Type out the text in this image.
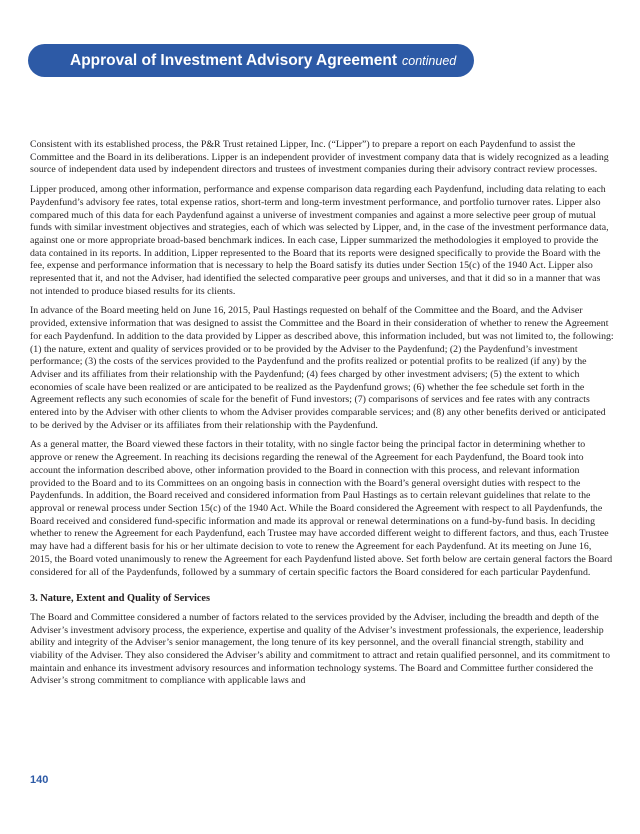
Approval of Investment Advisory Agreement continued

Consistent with its established process, the P&R Trust retained Lipper, Inc. (“Lipper”) to prepare a report on each Paydenfund to assist the Committee and the Board in its deliberations. Lipper is an independent provider of investment company data that is widely recognized as a leading source of independent data used by independent directors and trustees of investment companies during their advisory contract review processes.

Lipper produced, among other information, performance and expense comparison data regarding each Paydenfund, including data relating to each Paydenfund’s advisory fee rates, total expense ratios, short-term and long-term investment performance, and portfolio turnover rates. Lipper also compared much of this data for each Paydenfund against a universe of investment companies and against a more selective peer group of mutual funds with similar investment objectives and strategies, each of which was selected by Lipper, and, in the case of the investment performance data, against one or more appropriate broad-based benchmark indices. In each case, Lipper summarized the methodologies it employed to provide the data contained in its reports. In addition, Lipper represented to the Board that its reports were designed specifically to provide the Board with the fee, expense and performance information that is necessary to help the Board satisfy its duties under Section 15(c) of the 1940 Act. Lipper also represented that it, and not the Adviser, had identified the selected comparative peer groups and universes, and that it did so in a manner that was not intended to produce biased results for its clients.

In advance of the Board meeting held on June 16, 2015, Paul Hastings requested on behalf of the Committee and the Board, and the Adviser provided, extensive information that was designed to assist the Committee and the Board in their consideration of whether to renew the Agreement for each Paydenfund. In addition to the data provided by Lipper as described above, this information included, but was not limited to, the following: (1) the nature, extent and quality of services provided or to be provided by the Adviser to the Paydenfund; (2) the Paydenfund’s investment performance; (3) the costs of the services provided to the Paydenfund and the profits realized or potential profits to be realized (if any) by the Adviser and its affiliates from their relationship with the Paydenfund; (4) fees charged by other investment advisers; (5) the extent to which economies of scale have been realized or are anticipated to be realized as the Paydenfund grows; (6) whether the fee schedule set forth in the Agreement reflects any such economies of scale for the benefit of Fund investors; (7) comparisons of services and fee rates with any contracts entered into by the Adviser with other clients to whom the Adviser provides comparable services; and (8) any other benefits derived or anticipated to be derived by the Adviser or its affiliates from their relationship with the Paydenfund.

As a general matter, the Board viewed these factors in their totality, with no single factor being the principal factor in determining whether to approve or renew the Agreement. In reaching its decisions regarding the renewal of the Agreement for each Paydenfund, the Board took into account the information described above, other information provided to the Board in connection with this process, and relevant information provided to the Board and to its Committees on an ongoing basis in connection with the Board’s general oversight duties with respect to the Paydenfunds. In addition, the Board received and considered information from Paul Hastings as to certain relevant guidelines that relate to the approval or renewal process under Section 15(c) of the 1940 Act. While the Board considered the Agreement with respect to all Paydenfunds, the Board received and considered fund-specific information and made its approval or renewal determinations on a fund-by-fund basis. In deciding whether to renew the Agreement for each Paydenfund, each Trustee may have accorded different weight to different factors, and thus, each Trustee may have had a different basis for his or her ultimate decision to vote to renew the Agreement for each Paydenfund. At its meeting on June 16, 2015, the Board voted unanimously to renew the Agreement for each Paydenfund listed above. Set forth below are certain general factors the Board considered for all of the Paydenfunds, followed by a summary of certain specific factors the Board considered for each particular Paydenfund.

3. Nature, Extent and Quality of Services

The Board and Committee considered a number of factors related to the services provided by the Adviser, including the breadth and depth of the Adviser’s investment advisory process, the experience, expertise and quality of the Adviser’s investment professionals, the experience, leadership ability and integrity of the Adviser’s senior management, the long tenure of its key personnel, and the overall financial strength, stability and viability of the Adviser. They also considered the Adviser’s ability and commitment to attract and retain qualified personnel, and its commitment to maintain and enhance its investment advisory resources and information technology systems. The Board and Committee further considered the Adviser’s strong commitment to compliance with applicable laws and

140
